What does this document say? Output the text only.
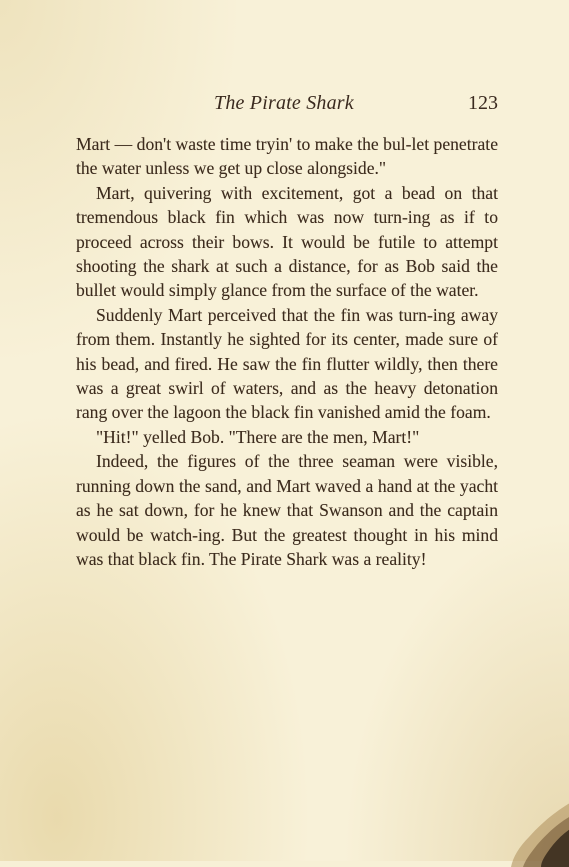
The Pirate Shark	123

Mart — don't waste time tryin' to make the bul-let penetrate the water unless we get up close alongside."

Mart, quivering with excitement, got a bead on that tremendous black fin which was now turn-ing as if to proceed across their bows. It would be futile to attempt shooting the shark at such a distance, for as Bob said the bullet would simply glance from the surface of the water.

Suddenly Mart perceived that the fin was turn-ing away from them. Instantly he sighted for its center, made sure of his bead, and fired. He saw the fin flutter wildly, then there was a great swirl of waters, and as the heavy detonation rang over the lagoon the black fin vanished amid the foam.

"Hit!" yelled Bob. "There are the men, Mart!"

Indeed, the figures of the three seaman were visible, running down the sand, and Mart waved a hand at the yacht as he sat down, for he knew that Swanson and the captain would be watch-ing. But the greatest thought in his mind was that black fin. The Pirate Shark was a reality!
